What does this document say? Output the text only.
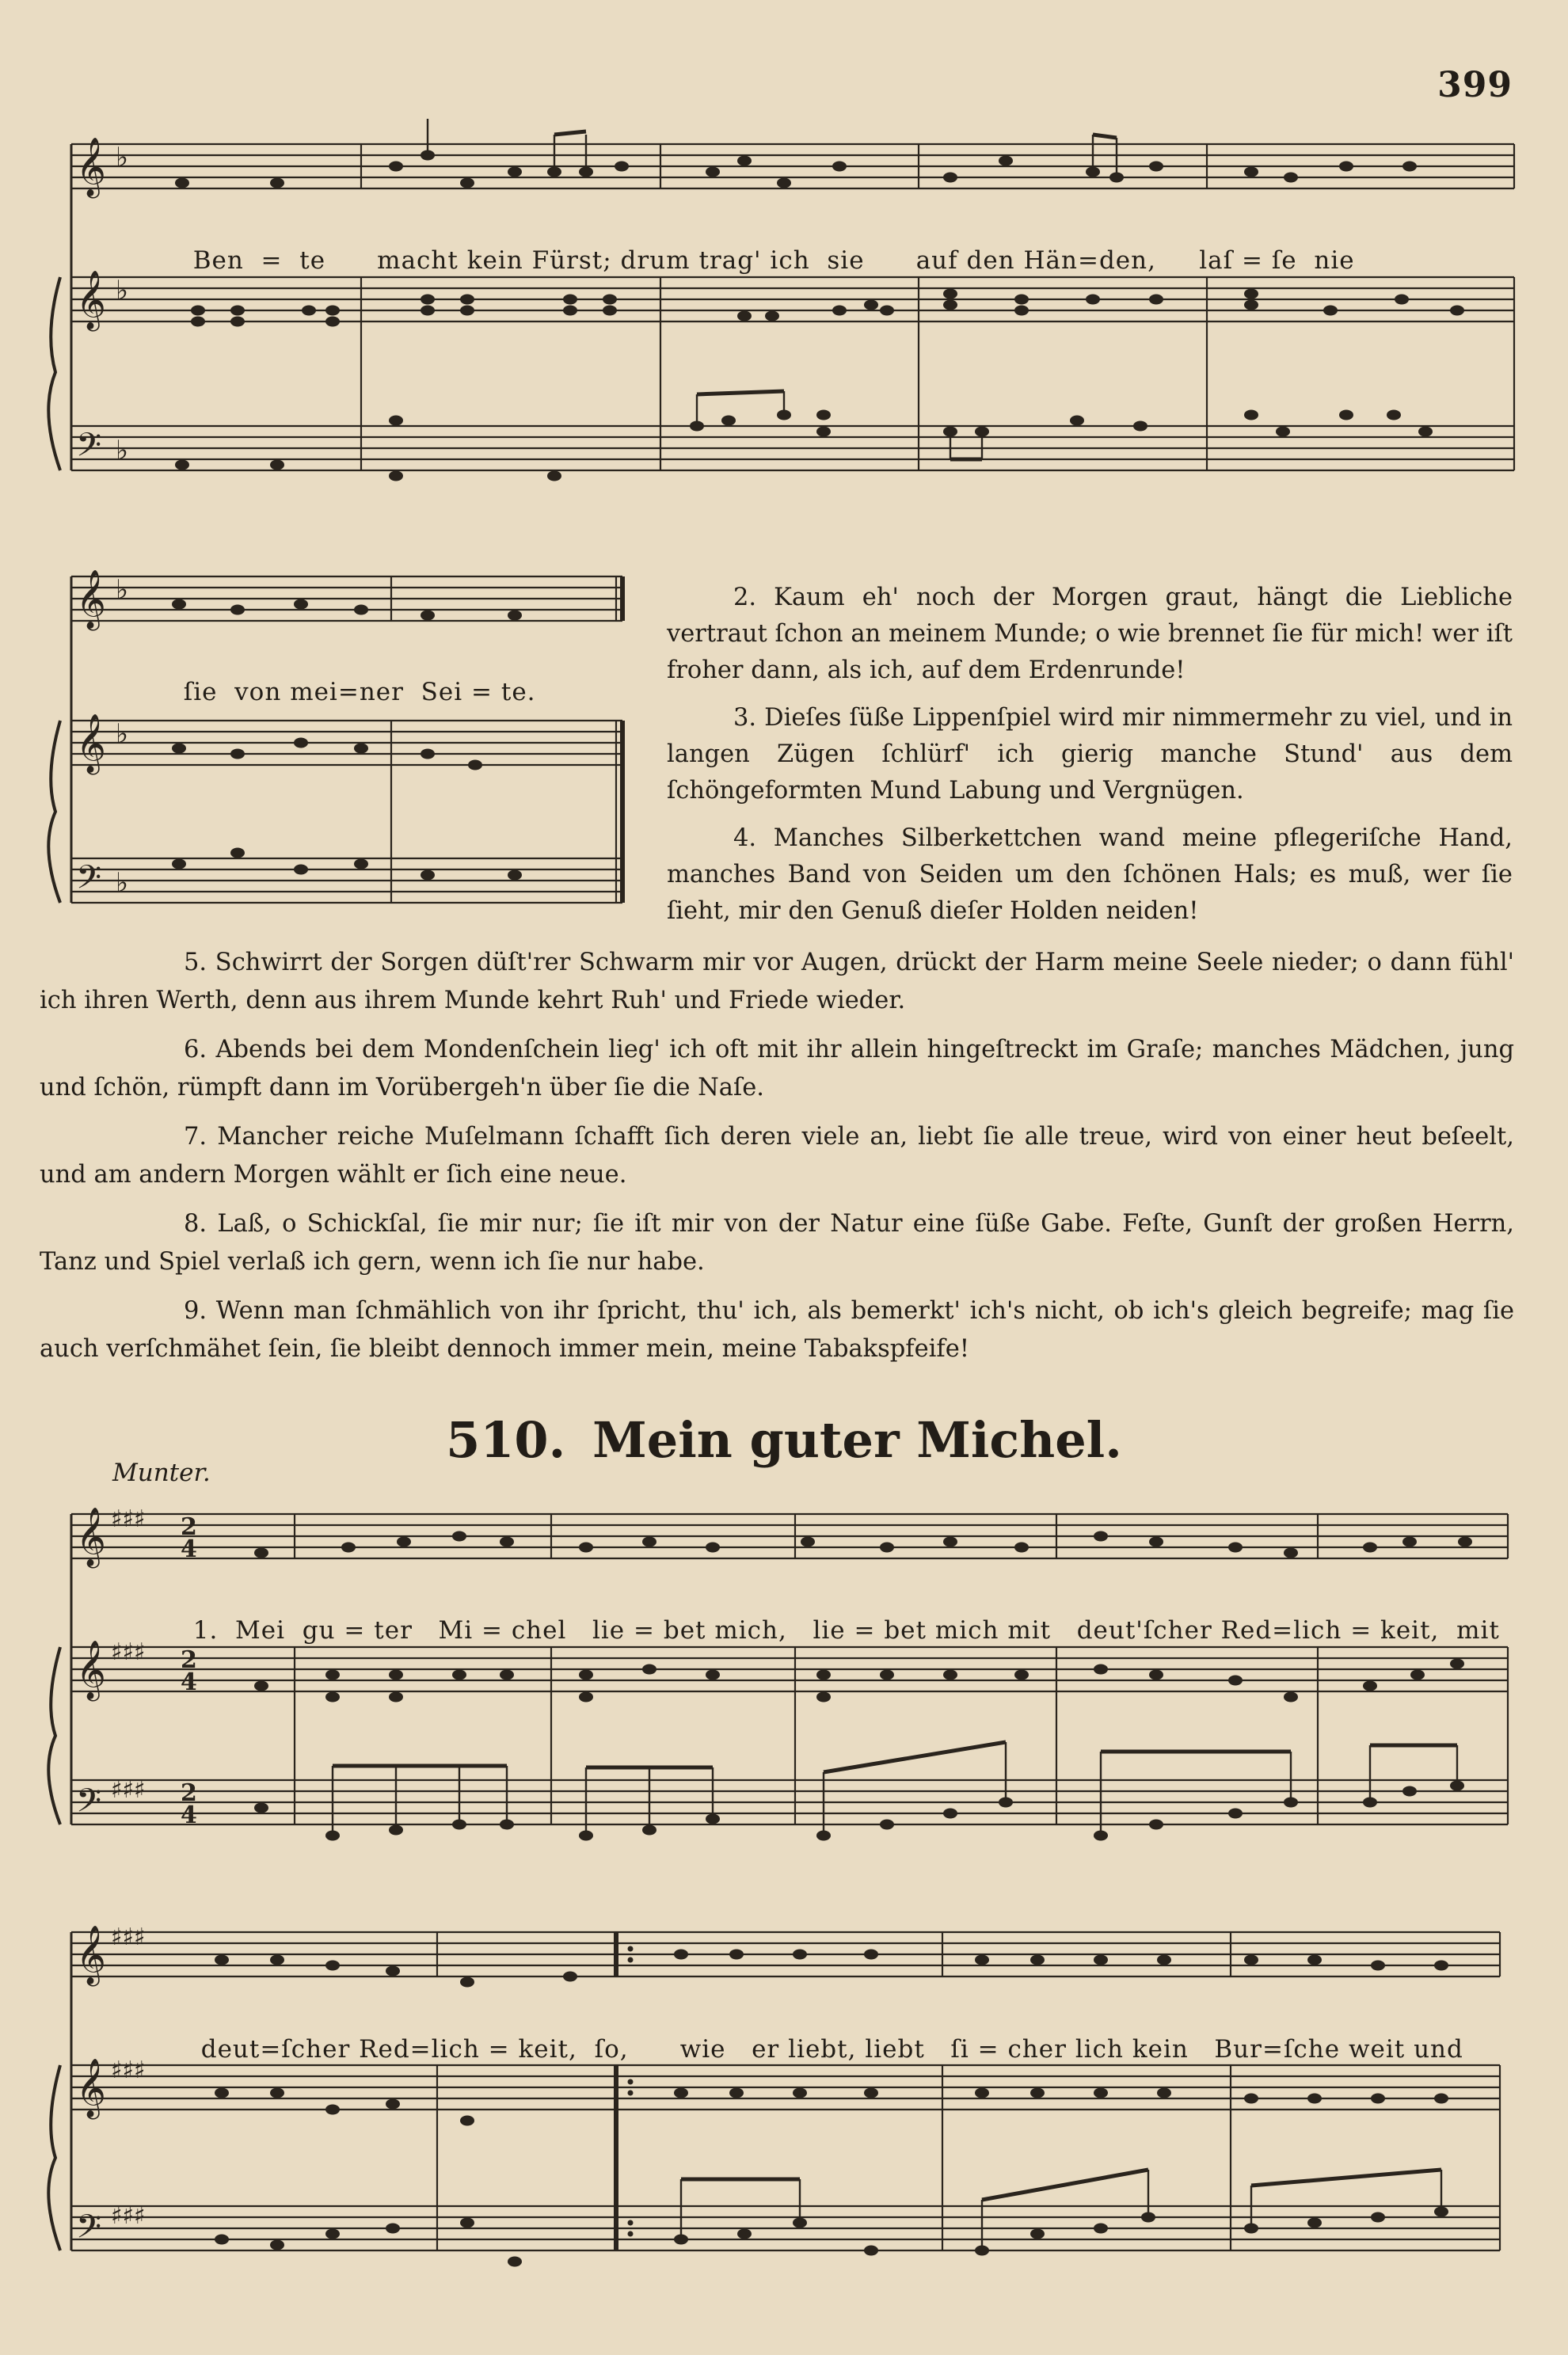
399
𝄞
𝄞
𝄢
♭
♭
♭

Ben = te macht kein Fürst; drum trag' ich sie auf den Hän=den, laſ = ſe nie

𝄞
𝄞
𝄢
♭
♭
♭

ſie von mei=ner Sei = te.

2. Kaum eh' noch der Morgen graut, hängt die Liebliche vertraut ſchon an meinem Munde; o wie brennet ſie für mich! wer iſt froher dann, als ich, auf dem Erdenrunde!

3. Dieſes ſüße Lippenſpiel wird mir nimmermehr zu viel, und in langen Zügen ſchlürf' ich gierig manche Stund' aus dem ſchöngeformten Mund Labung und Vergnügen.

4. Manches Silberkettchen wand meine pflegeriſche Hand, manches Band von Seiden um den ſchönen Hals; es muß, wer ſie ſieht, mir den Genuß dieſer Holden neiden!

5. Schwirrt der Sorgen düſt'rer Schwarm mir vor Augen, drückt der Harm meine Seele nieder; o dann fühl' ich ihren Werth, denn aus ihrem Munde kehrt Ruh' und Friede wieder.

6. Abends bei dem Mondenſchein lieg' ich oft mit ihr allein hingeſtreckt im Graſe; manches Mädchen, jung und ſchön, rümpft dann im Vorübergeh'n über ſie die Naſe.

7. Mancher reiche Muſelmann ſchafft ſich deren viele an, liebt ſie alle treue, wird von einer heut beſeelt, und am andern Morgen wählt er ſich eine neue.

8. Laß, o Schickſal, ſie mir nur; ſie iſt mir von der Natur eine ſüße Gabe. Feſte, Gunſt der großen Herrn, Tanz und Spiel verlaß ich gern, wenn ich ſie nur habe.

9. Wenn man ſchmählich von ihr ſpricht, thu' ich, als bemerkt' ich's nicht, ob ich's gleich begreife; mag ſie auch verſchmähet ſein, ſie bleibt dennoch immer mein, meine Tabakspfeife!

510. Mein guter Michel.
Munter.
𝄞
𝄞
𝄢
♯♯♯
♯♯♯
♯♯♯
2
4
2
4
2
4

1. Mei gu = ter Mi = chel lie = bet mich, lie = bet mich mit deut'ſcher Red=lich = keit, mit

𝄞
𝄞
𝄢
♯♯♯
♯♯♯
♯♯♯

deut=ſcher Red=lich = keit, ſo, wie er liebt, liebt ſi = cher lich kein Bur=ſche weit und
